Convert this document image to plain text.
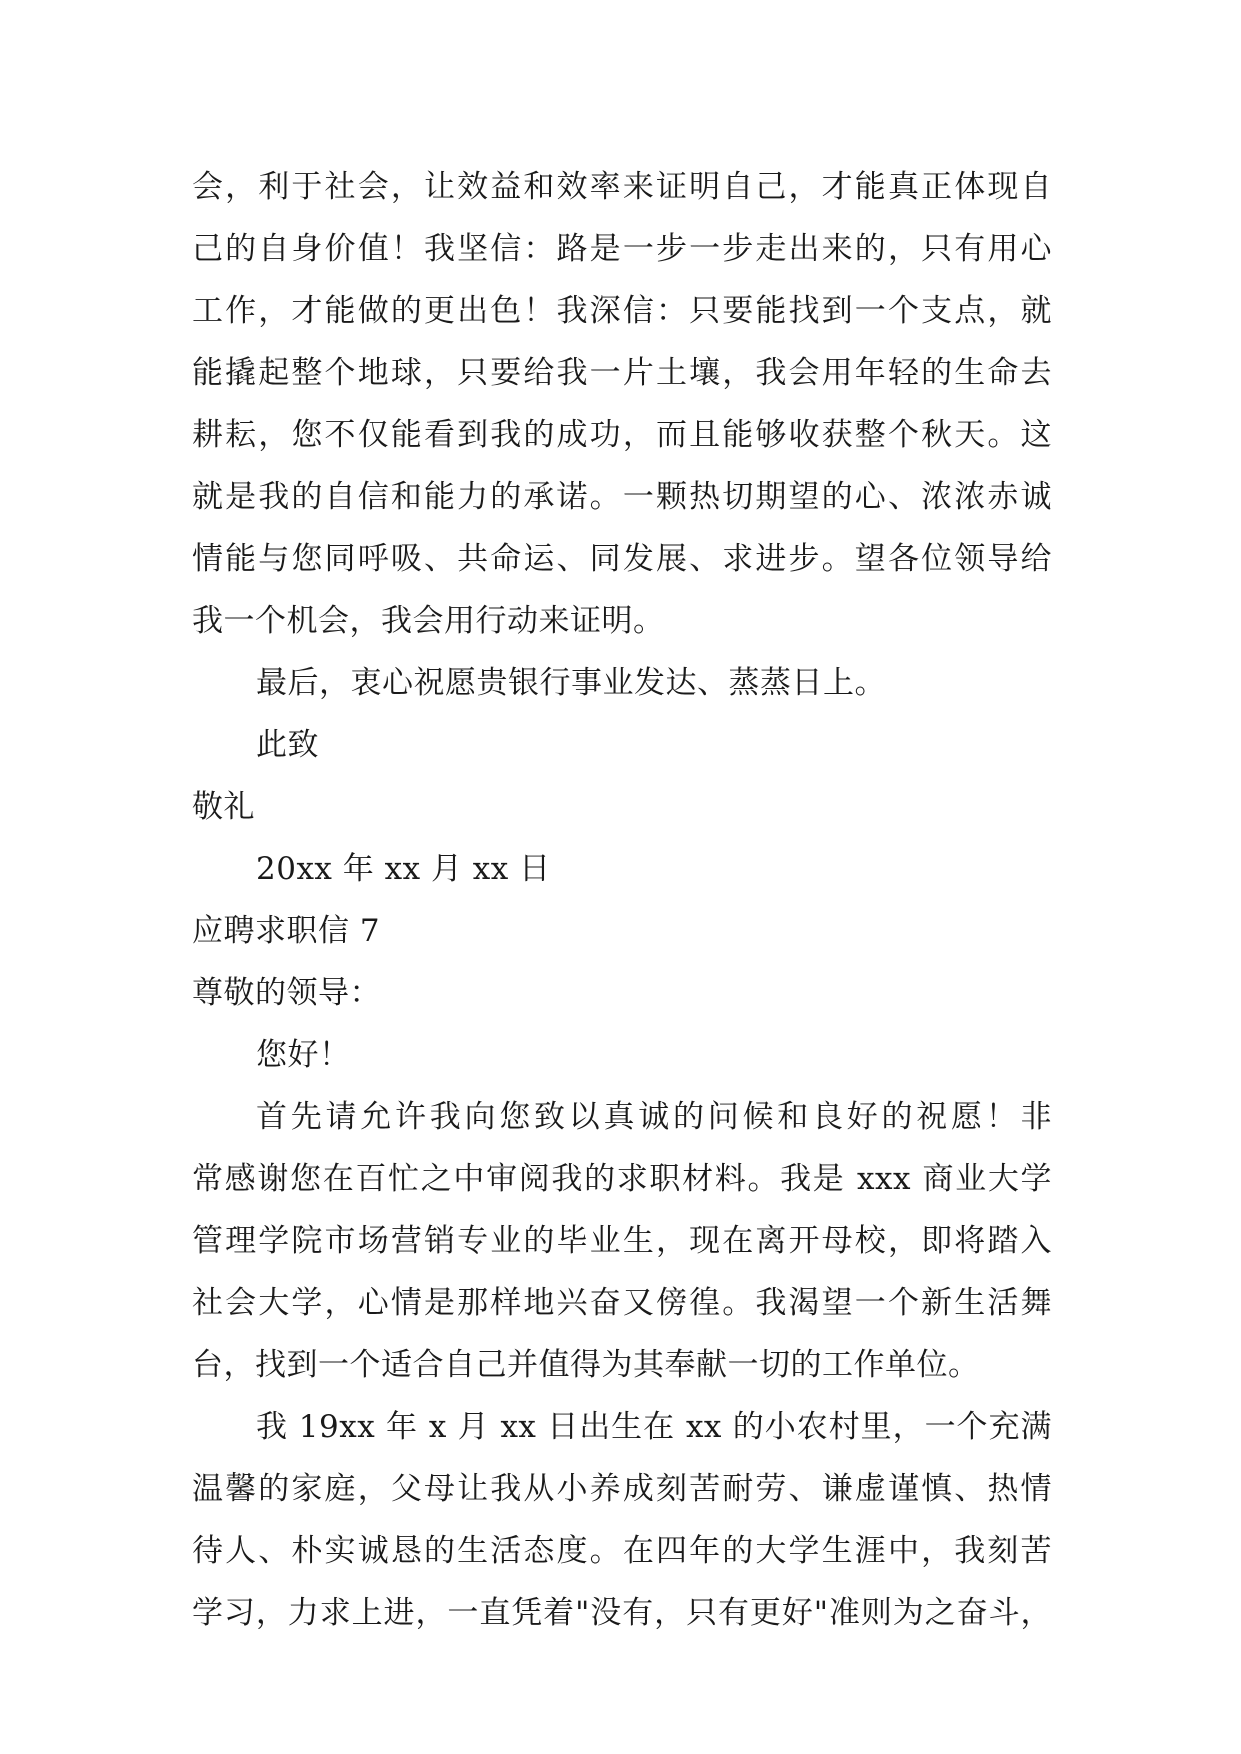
会，利于社会，让效益和效率来证明自己，才能真正体现自
己的自身价值！我坚信：路是一步一步走出来的，只有用心
工作，才能做的更出色！我深信：只要能找到一个支点，就
能撬起整个地球，只要给我一片土壤，我会用年轻的生命去
耕耘，您不仅能看到我的成功，而且能够收获整个秋天。这
就是我的自信和能力的承诺。一颗热切期望的心、浓浓赤诚
情能与您同呼吸、共命运、同发展、求进步。望各位领导给
我一个机会，我会用行动来证明。
最后，衷心祝愿贵银行事业发达、蒸蒸日上。
此致
敬礼
20xx 年 xx 月 xx 日
应聘求职信 7
尊敬的领导：
您好！
首先请允许我向您致以真诚的问候和良好的祝愿！非
常感谢您在百忙之中审阅我的求职材料。我是 xxx 商业大学
管理学院市场营销专业的毕业生，现在离开母校，即将踏入
社会大学，心情是那样地兴奋又傍徨。我渴望一个新生活舞
台，找到一个适合自己并值得为其奉献一切的工作单位。
我 19xx 年 x 月 xx 日出生在 xx 的小农村里，一个充满
温馨的家庭，父母让我从小养成刻苦耐劳、谦虚谨慎、热情
待人、朴实诚恳的生活态度。在四年的大学生涯中，我刻苦
学习，力求上进，一直凭着"没有，只有更好"准则为之奋斗，
